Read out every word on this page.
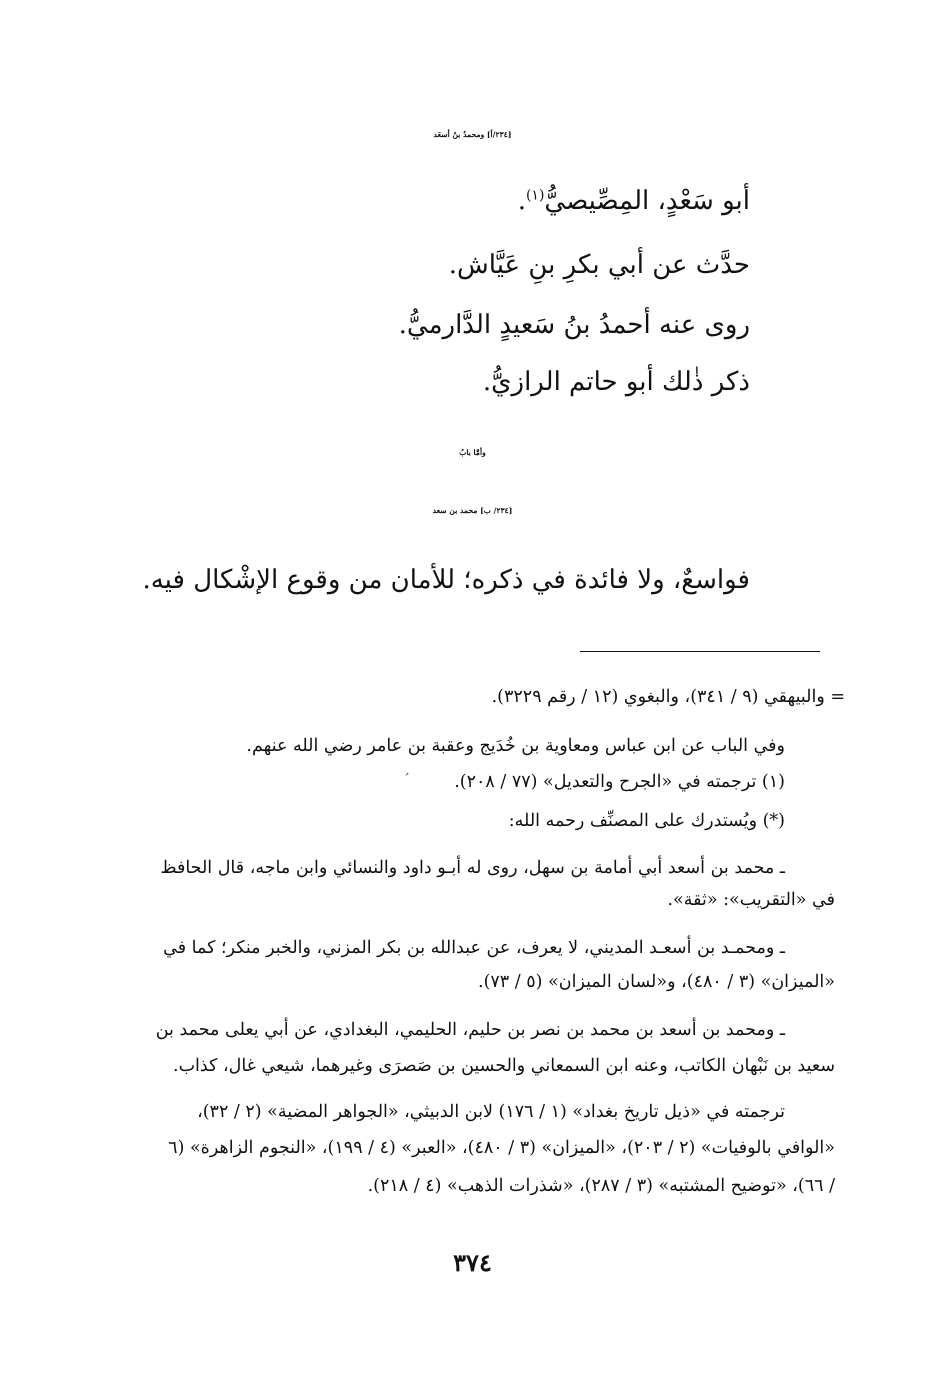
[٢٣٤/أ] ومحمدُ بنُ أسعَد
أبو سَعْدٍ، المِصِّيصيُّ$^{(١)}$.
حدَّث عن أبي بكرِ بنِ عَيَّاش.
روى عنه أحمدُ بنُ سَعيدٍ الدَّارميُّ.
ذكر ذٰلك أبو حاتم الرازيُّ.
وأمَّا بابُ
[٢٣٤/ ب] محمد بن سعد
فواسعٌ، ولا فائدة في ذكره؛ للأمان من وقوع الإشْكال فيه.
= والبيهقي (٩ / ٣٤١)، والبغوي (١٢ / رقم ٣٢٢٩).
وفي الباب عن ابن عباس ومعاوية بن خُدَيج وعقبة بن عامر رضي الله عنهم.
(١) ترجمته في «الجرح والتعديل» (٧٧ / ٢٠٨).
ˊ
(*) ويُستدرك على المصنِّف رحمه الله:
ـ محمد بن أسعد أبي أمامة بن سهل، روى له أبـو داود والنسائي وابن ماجه، قال الحافظ
في «التقريب»: «ثقة».
ـ ومحمـد بن أسعـد المديني، لا يعرف، عن عبدالله بن بكر المزني، والخبر منكر؛ كما في
«الميزان» (٣ / ٤٨٠)، و«لسان الميزان» (٥ / ٧٣).
ـ ومحمد بن أسعد بن محمد بن نصر بن حليم، الحليمي، البغدادي، عن أبي يعلى محمد بن
سعيد بن نَبْهان الكاتب، وعنه ابن السمعاني والحسين بن صَصرَى وغيرهما، شيعي غال، كذاب.
ترجمته في «ذيل تاريخ بغداد» (١ / ١٧٦) لابن الدبيثي، «الجواهر المضية» (٢ / ٣٢)،
«الوافي بالوفيات» (٢ / ٢٠٣)، «الميزان» (٣ / ٤٨٠)، «العبر» (٤ / ١٩٩)، «النجوم الزاهرة» (٦
/ ٦٦)، «توضيح المشتبه» (٣ / ٢٨٧)، «شذرات الذهب» (٤ / ٢١٨).
٣٧٤
